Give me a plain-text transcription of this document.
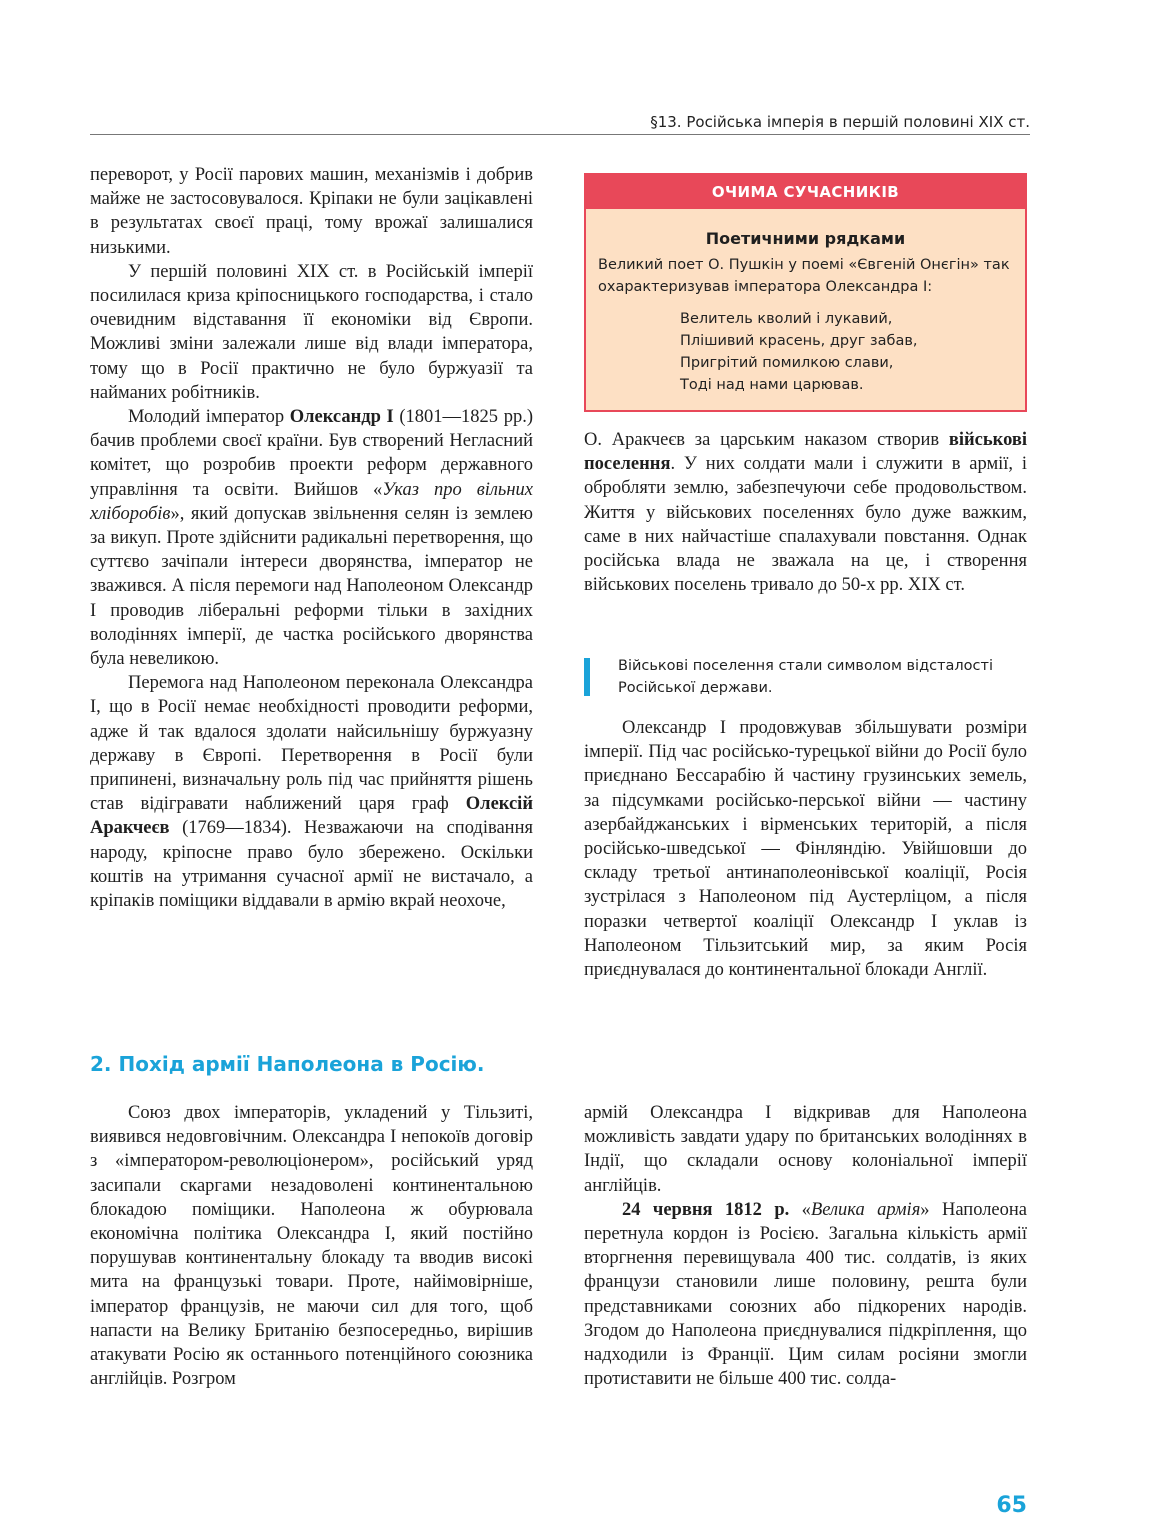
§13. Російська імперія в першій половині XIX ст.

переворот, у Росії парових машин, механізмів і добрив майже не застосовувалося. Кріпаки не були зацікавлені в результатах своєї праці, тому врожаї залишалися низькими.

У першій половині XIX ст. в Російській імперії посилилася криза кріпосницького господарства, і стало очевидним відставання її економіки від Європи. Можливі зміни залежали лише від влади імператора, тому що в Росії практично не було буржуазії та найманих робітників.

Молодий імператор Олександр I (1801—1825 рр.) бачив проблеми своєї країни. Був створений Негласний комітет, що розробив проекти реформ державного управління та освіти. Вийшов «Указ про вільних хліборобів», який допускав звільнення селян із землею за викуп. Проте здійснити радикальні перетворення, що суттєво зачіпали інтереси дворянства, імператор не зважився. А після перемоги над Наполеоном Олександр I проводив ліберальні реформи тільки в західних володіннях імперії, де частка російського дворянства була невеликою.

Перемога над Наполеоном переконала Олександра I, що в Росії немає необхідності проводити реформи, адже й так вдалося здолати найсильнішу буржуазну державу в Європі. Перетворення в Росії були припинені, визначальну роль під час прийняття рішень став відігравати наближений царя граф Олексій Аракчеєв (1769—1834). Незважаючи на сподівання народу, кріпосне право було збережено. Оскільки коштів на утримання сучасної армії не вистачало, а кріпаків поміщики віддавали в армію вкрай неохоче,

ОЧИМА СУЧАСНИКІВ
Поетичними рядками
Великий поет О. Пушкін у поемі «Євгеній Онєгін» так охарактеризував імператора Олександра I:
Велитель кволий і лукавий,
Плішивий красень, друг забав,
Пригрітий помилкою слави,
Тоді над нами царював.

О. Аракчеєв за царським наказом створив військові поселення. У них солдати мали і служити в армії, і обробляти землю, забезпечуючи себе продовольством. Життя у військових поселеннях було дуже важким, саме в них найчастіше спалахували повстання. Однак російська влада не зважала на це, і створення військових поселень тривало до 50-х рр. XIX ст.

Військові поселення стали символом відсталості Російської держави.

Олександр I продовжував збільшувати розміри імперії. Під час російсько-турецької війни до Росії було приєднано Бессарабію й частину грузинських земель, за підсумками російсько-перської війни — частину азербайджанських і вірменських територій, а після російсько-шведської — Фінляндію. Увійшовши до складу третьої антинаполеонівської коаліції, Росія зустрілася з Наполеоном під Аустерліцом, а після поразки четвертої коаліції Олександр I уклав із Наполеоном Тільзитський мир, за яким Росія приєднувалася до континентальної блокади Англії.

2. Похід армії Наполеона в Росію.

Союз двох імператорів, укладений у Тільзиті, виявився недовговічним. Олександра I непокоїв договір з «імператором-революціонером», російський уряд засипали скаргами незадоволені континентальною блокадою поміщики. Наполеона ж обурювала економічна політика Олександра I, який постійно порушував континентальну блокаду та вводив високі мита на французькі товари. Проте, найімовірніше, імператор французів, не маючи сил для того, щоб напасти на Велику Британію безпосередньо, вирішив атакувати Росію як останнього потенційного союзника англійців. Розгром

армій Олександра I відкривав для Наполеона можливість завдати удару по британських володіннях в Індії, що складали основу колоніальної імперії англійців.

24 червня 1812 р. «Велика армія» Наполеона перетнула кордон із Росією. Загальна кількість армії вторгнення перевищувала 400 тис. солдатів, із яких французи становили лише половину, решта були представниками союзних або підкорених народів. Згодом до Наполеона приєднувалися підкріплення, що надходили із Франції. Цим силам росіяни змогли протиставити не більше 400 тис. солда-

65
